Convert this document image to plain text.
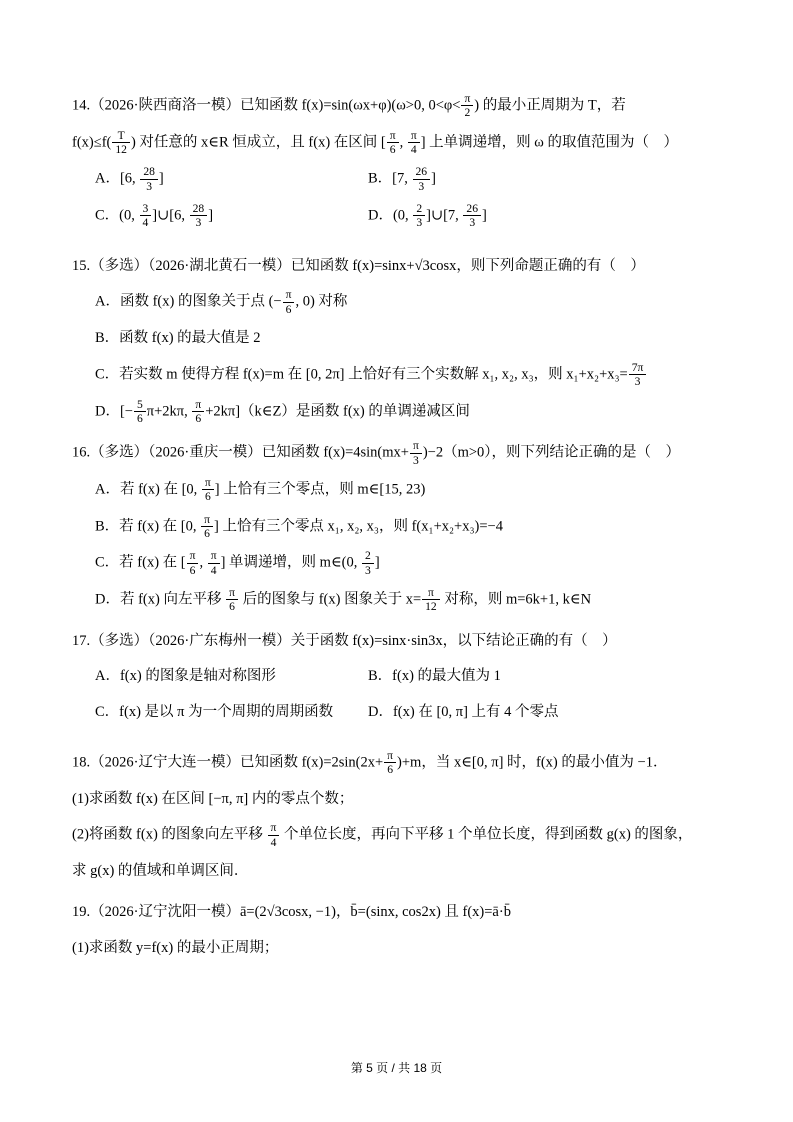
14.（2026·陕西商洛一模）已知函数 f(x)=sin(ωx+φ)(ω>0, $0<\varphi< \frac{\pi}{2}$ ) 的最小正周期为 T，若

$f(x)\le f( \frac{T}{12}$ ) 对任意的 x∈R 恒成立，且 f(x) 在区间 [ $\frac{\pi}{6}$ , $\frac{\pi}{4}$ ] 上单调递增，则 ω 的取值范围为（　）

A．[6, $\frac{28}{3}$ ]	B．[7, $\frac{26}{3}$ ]

C．(0, $\frac{3}{4}$ ]∪[6, $\frac{28}{3}$ ]	D．(0, $\frac{2}{3}$ ]∪[7, $\frac{26}{3}$ ]

15.（多选）（2026·湖北黄石一模）已知函数 f(x)=sinx+√3cosx，则下列命题正确的有（　）

A．函数 f(x) 的图象关于点 (− $\frac{\pi}{6}$ , 0) 对称

B．函数 f(x) 的最大值是 2

C．若实数 m 使得方程 f(x)=m 在 [0, 2π] 上恰好有三个实数解 x₁, x₂, x₃，则 $x_1+x_2+x_3= \frac{7\pi}{3}$

D．[− $\frac{5}{6} \pi+2k\pi$, $\frac{\pi}{6}$ +2kπ]（k∈Z）是函数 f(x) 的单调递减区间

16.（多选）（2026·重庆一模）已知函数 $f(x)=4\sin(mx+ \frac{\pi}{3} )-2(m>0)$，则下列结论正确的是（　）

A．若 f(x) 在 [0, $\frac{\pi}{6}$ ] 上恰有三个零点，则 m∈[15, 23)

B．若 f(x) 在 [0, $\frac{\pi}{6}$ ] 上恰有三个零点 x₁, x₂, x₃，则 f(x₁+x₂+x₃)=−4

C．若 f(x) 在 [ $\frac{\pi}{6}$ , $\frac{\pi}{4}$ ] 单调递增，则 m∈(0, $\frac{2}{3}$ ]

D．若 f(x) 向左平移 $\frac{\pi}{6}$ 后的图象与 f(x) 图象关于 $x= \frac{\pi}{12}$ 对称，则 m=6k+1, k∈N

17.（多选）（2026·广东梅州一模）关于函数 f(x)=sinx·sin3x，以下结论正确的有（　）

A．f(x) 的图象是轴对称图形	B．f(x) 的最大值为 1

C．f(x) 是以 π 为一个周期的周期函数	D．f(x) 在 [0, π] 上有 4 个零点

18.（2026·辽宁大连一模）已知函数 $f(x)=2\sin(2x+ \frac{\pi}{6} )+m$，当 x∈[0, π] 时，f(x) 的最小值为 −1．

(1)求函数 f(x) 在区间 [−π, π] 内的零点个数；

(2)将函数 f(x) 的图象向左平移 $\frac{\pi}{4}$ 个单位长度，再向下平移 1 个单位长度，得到函数 g(x) 的图象，

求 g(x) 的值域和单调区间．

19.（2026·辽宁沈阳一模）ā=(2√3cosx, −1)，b̄=(sinx, cos2x) 且 f(x)=ā·b̄

(1)求函数 y=f(x) 的最小正周期；

第 5 页 / 共 18 页
